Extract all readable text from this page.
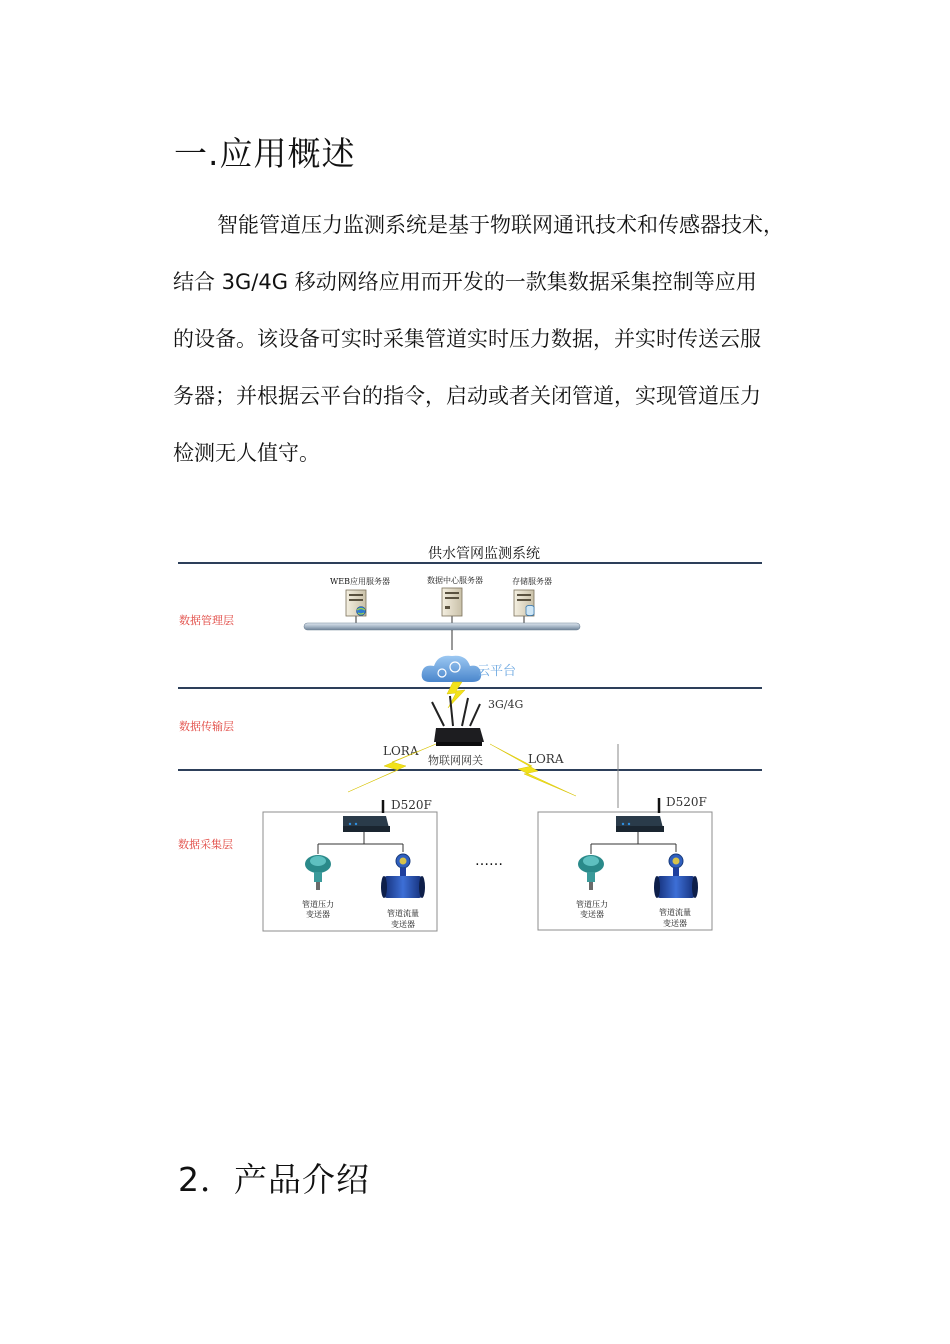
一.应用概述
智能管道压力监测系统是基于物联网通讯技术和传感器技术，
结合 3G/4G 移动网络应用而开发的一款集数据采集控制等应用
的设备。该设备可实时采集管道实时压力数据，并实时传送云服
务器；并根据云平台的指令，启动或者关闭管道，实现管道压力
检测无人值守。
供水管网监测系统
数据管理层
数据传输层
数据采集层
WEB应用服务器	数据中心服务器	存储服务器
云平台
3G/4G
物联网网关
LORA
LORA
D520F
管道压力
变送器	管道流量
变送器
……
D520F
管道压力
变送器	管道流量
变送器
2．产品介绍
